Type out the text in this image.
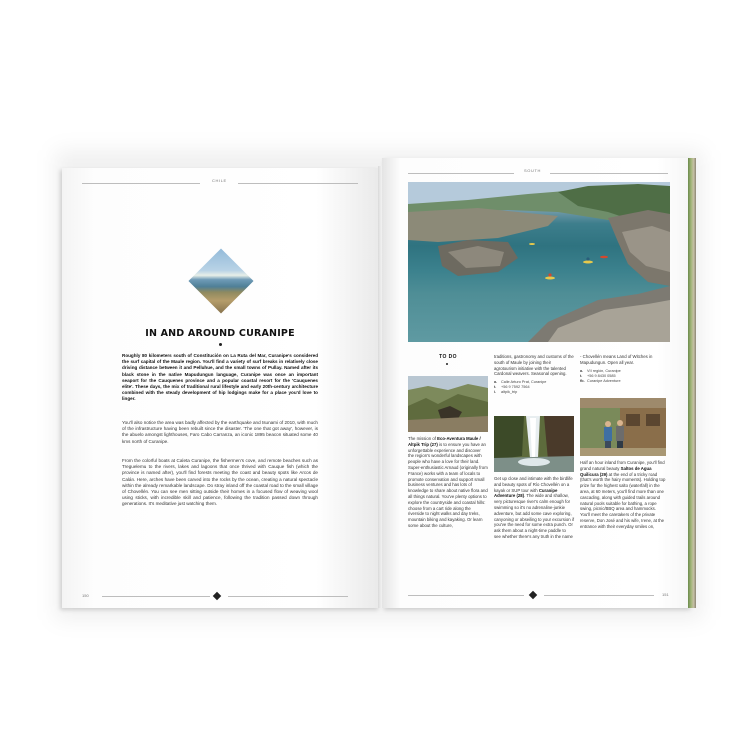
CHILE
IN AND AROUND CURANIPE
Roughly 80 kilometers south of Constitución on La Ruta del Mar, Curanipe's considered the surf capital of the Maule region. You'll find a variety of surf breaks in relatively close driving distance between it and Pelluhue, and the small towns of Pullay. Named after its black stone in the native Mapudungun language, Curanipe was once an important seaport for the Cauquenes province and a popular coastal resort for the 'Cauquenes elite'. These days, the mix of traditional rural lifestyle and early 20th-century architecture combined with the steady development of hip lodgings make for a place you'd love to linger.
You'll also notice the area was badly affected by the earthquake and tsunami of 2010, with much of the infrastructure having been rebuilt since the disaster. 'The one that got away', however, is the abuelo amongst lighthouses, Faro Cabo Carranza, an iconic 1895 beacon situated some 40 kms north of Curanipe.
From the colorful boats at Caleta Curanipe, the fishermen's cove, and remote beaches such as Treguelemu to the rivers, lakes and lagoons that once thrived with Cauque fish (which the province is named after), you'll find forests meeting the coast and beauty spots like Arcos de Calán. Here, arches have been carved into the rocks by the ocean, creating a natural spectacle within the already remarkable landscape. Do stray inland off the coastal road to the small village of Chovellén. You can see men sitting outside their homes in a focused flow of weaving wool using sticks, with incredible skill and patience, following the tradition passed down through generations. It's meditative just watching them.
150
SOUTH
TO DO
The mission of Eco-Aventura Maule / Altpik Trip (27) is to ensure you have an unforgettable experience and discover the region's wonderful landscapes with people who have a love for their land. Super-enthusiastic Arnaud (originally from France) works with a team of locals to promote conservation and support small business ventures and has lots of knowledge to share about native flora and all things natural. You've plenty options to explore the countryside and coastal hills: choose from a cart ride along the riverside to night walks and day treks, mountain biking and kayaking. Or learn some about the culture,
traditions, gastronomy and customs of the south of Maule by joining their agrotourism initiative with the talented Cardonal weavers. Seasonal opening.
a. Calle Arturo Prat, Curanipe
t. +56 9 7592 7564
i. altpik_trip
Get up close and intimate with the birdlife and beauty spots of Río Chovellén on a kayak or SUP tour with Curanipe Adventure (28). The wide and shallow, very picturesque river's calm enough for swimming so it's no adrenaline-junkie adventure, but add some cave exploring, canyoning or abseiling to your excursion if you've the need for some extra punch. Or ask them about a night-time paddle to see whether there's any truth in the name
- Chovellén means Land of Witches in Mapudungun. Open all year.
a. VII región, Curanipe
t. +56 9 8430 0585
fb. Curanipe Adventure
Half an hour inland from Curanipe, you'll find grand natural beauty Saltos de Agua Quilicura (29) at the end of a tricky road (that's worth the hairy moments). Holding top prize for the highest salto (waterfall) in the area, at 60 meters, you'll find more than one cascading, along with guided trails around natural pools suitable for bathing, a rope swing, picnic/BBQ area and hammocks. You'll meet the caretakers of the private reserve, Don José and his wife, Irene, at the entrance with their everyday smiles on,
151
